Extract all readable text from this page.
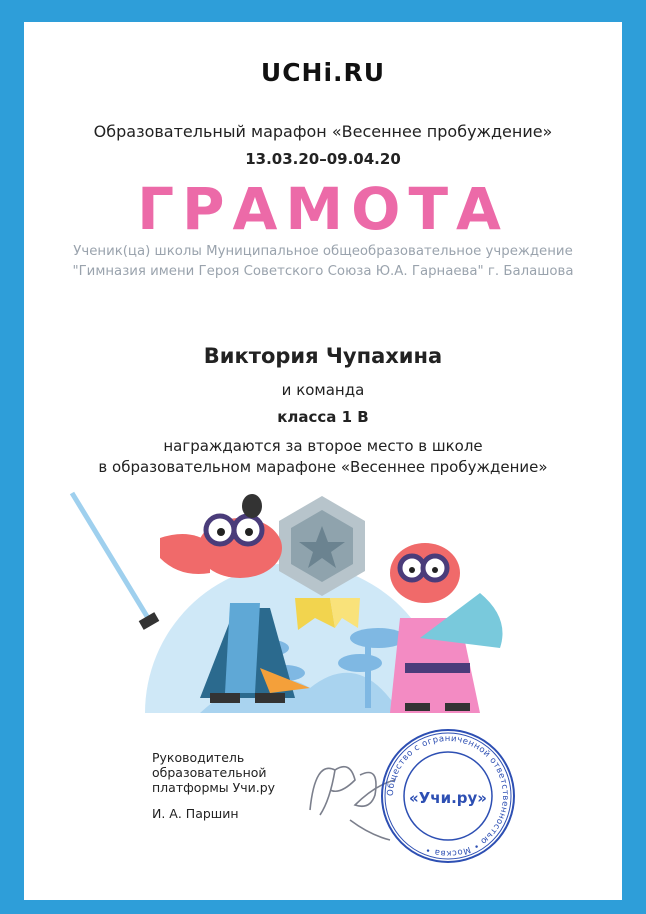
UCHi.RU
Образовательный марафон «Весеннее пробуждение»
13.03.20–09.04.20
ГРАМОТА
Ученик(ца) школы Муниципальное общеобразовательное учреждение
"Гимназия имени Героя Советского Союза Ю.А. Гарнаева" г. Балашова
Виктория Чупахина
и команда
класса 1 В
награждаются за второе место в школе
в образовательном марафоне «Весеннее пробуждение»
Руководитель
образовательной
платформы Учи.ру
И. А. Паршин
Общество с ограниченной ответственностью • Москва •
«Учи.ру»
